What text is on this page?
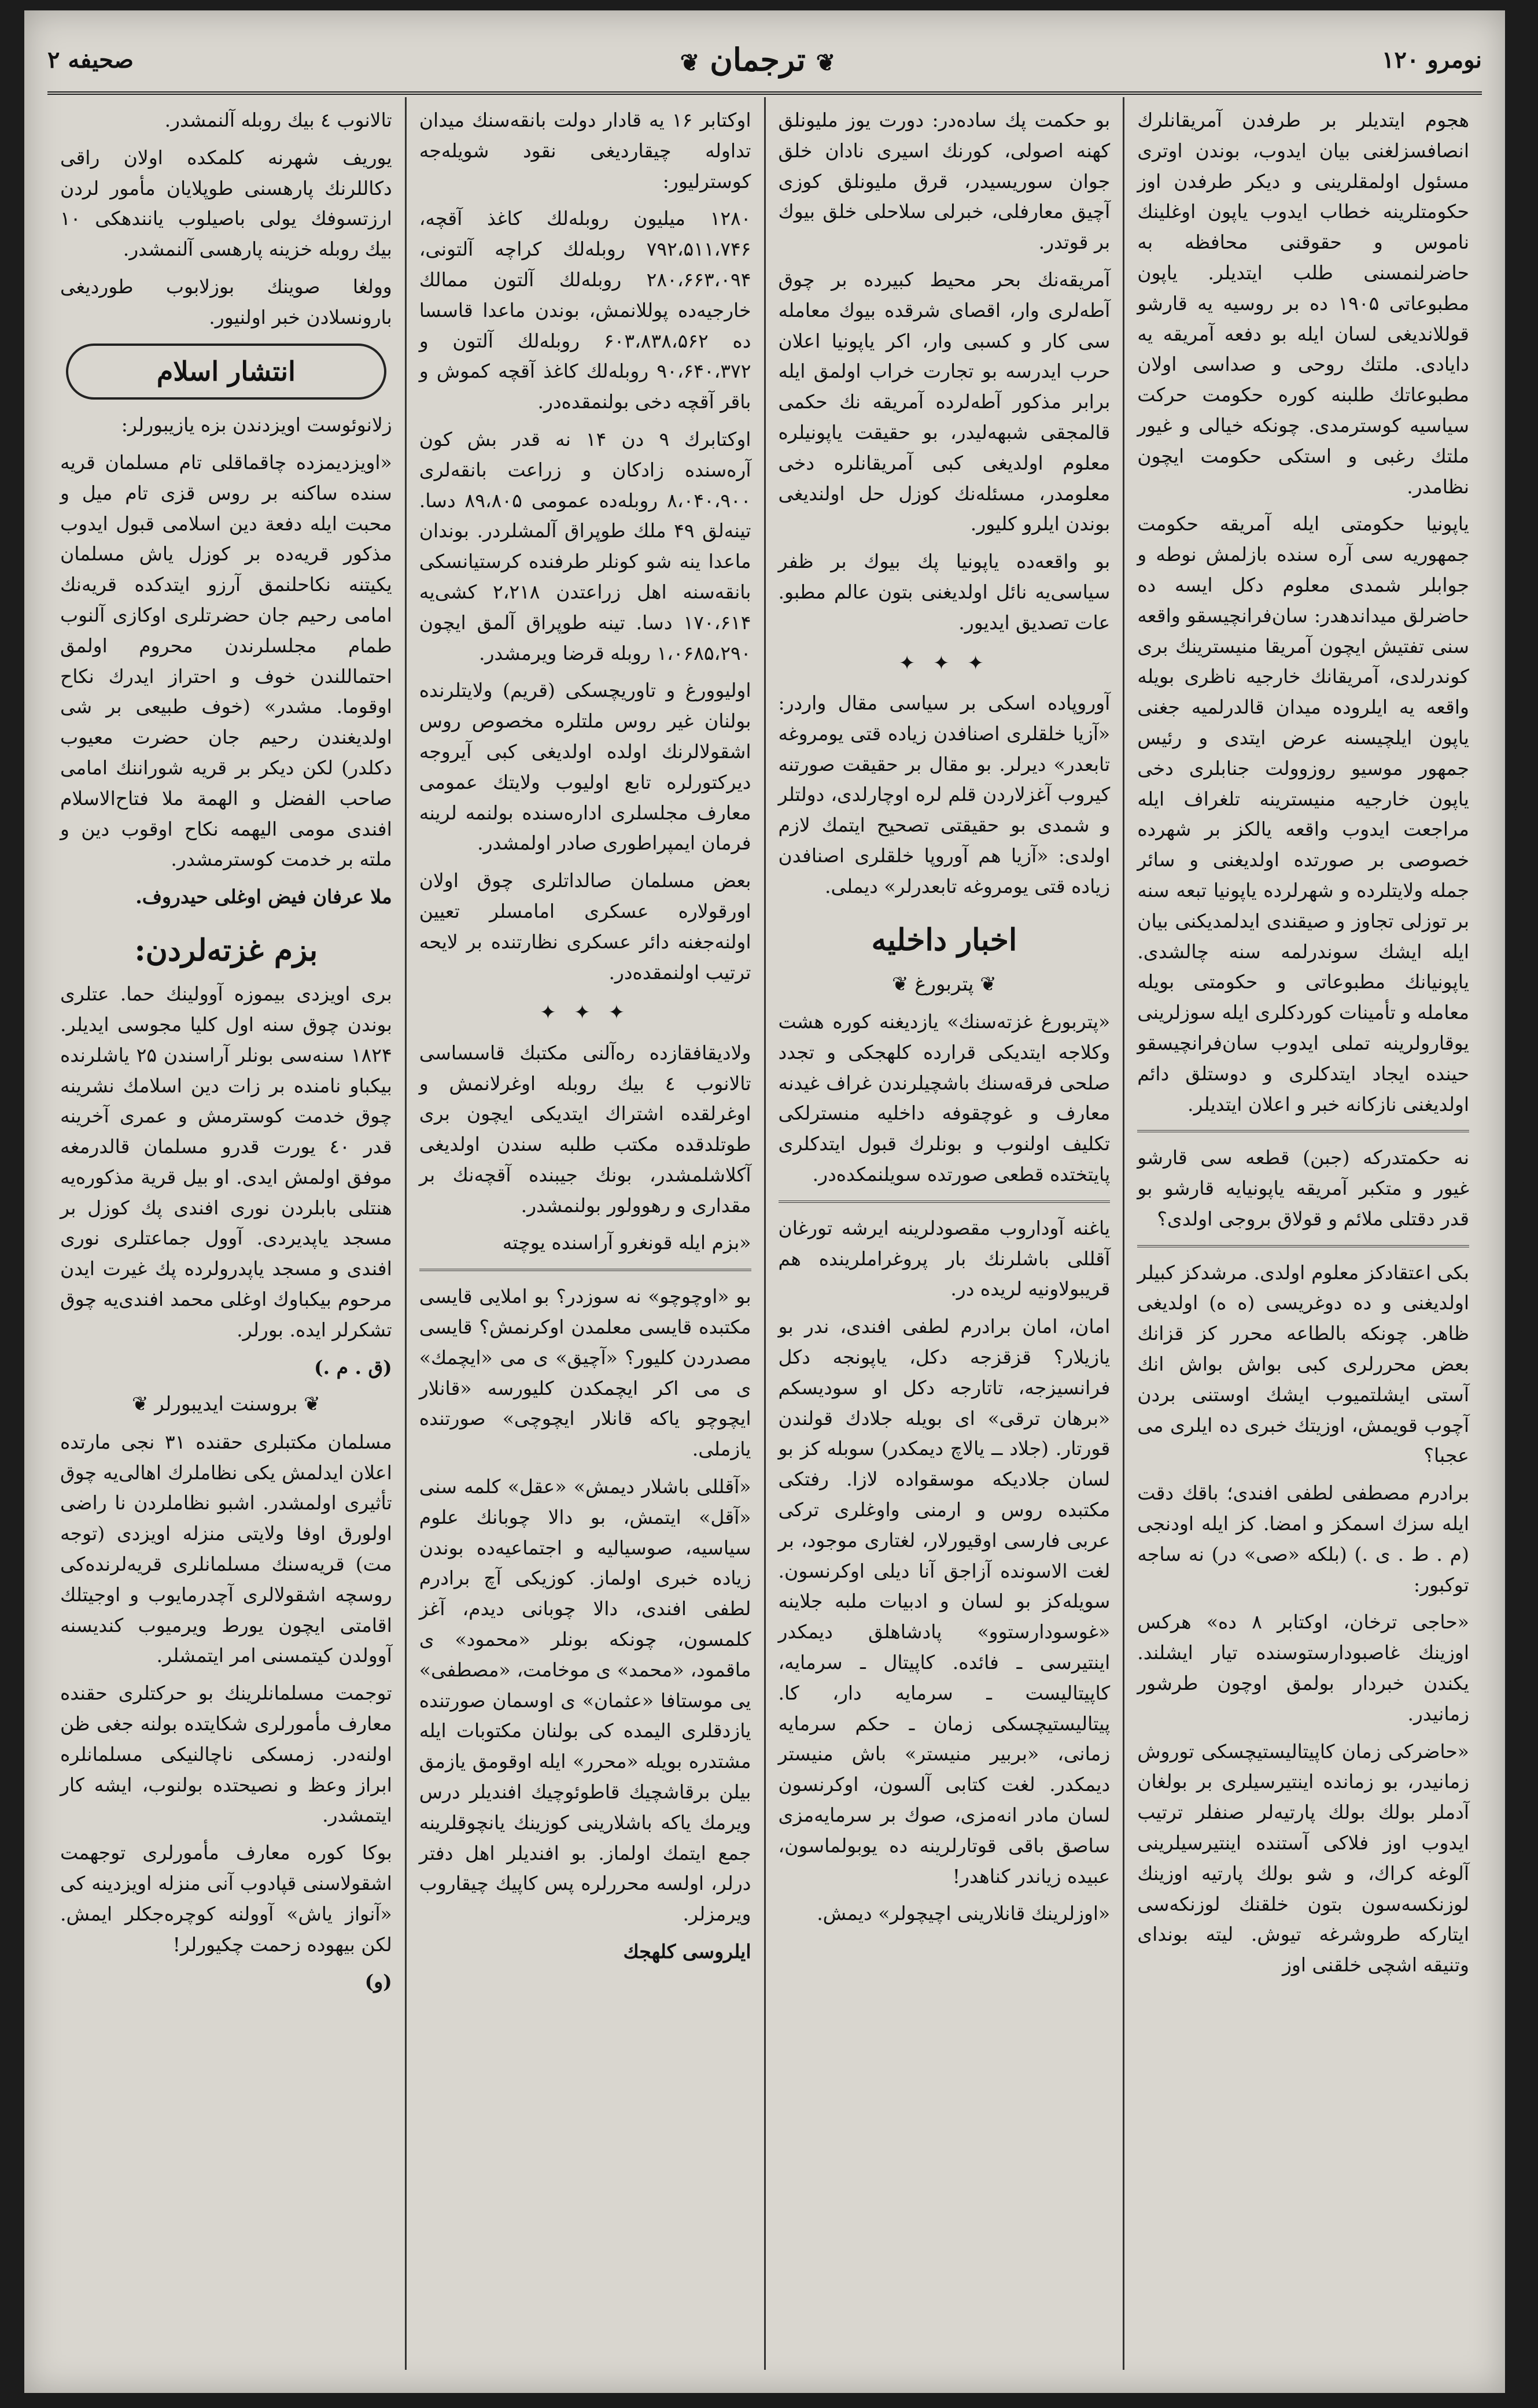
نومرو ۱۲۰
❦ ترجمان ❦
صحیفه ۲

هجوم ایتدیلر بر طرفدن آمریقانلرك انصافسزلغنی بیان ایدوب، بوندن اوتری مسئول اولمقلرینی و دیکر طرفدن اوز حکومتلرینه خطاب ایدوب یاپون اوغلینك ناموس و حقوقنی محافظه به حاضرلنمسنی طلب ایتدیلر. یاپون مطبوعاتی ۱۹۰۵ ده بر روسیه یه قارشو قوللاندیغی لسان ایله بو دفعه آمریقه یه دایادی. ملتك روحی و صداسی اولان مطبوعاتك طلبنه کوره حکومت حرکت سیاسیه کوسترمدی. چونکه خیالی و غیور ملتك رغبی و استکی حکومت ایچون نظامدر.

یاپونیا حکومتی ایله آمریقه حکومت جمهوریه سی آره سنده بازلمش نوطه و جوابلر شمدی معلوم دکل ایسه ده حاضرلق میداندهدر: سان‌فرانچیسقو واقعه سنی تفتیش ایچون آمریقا منیسترینك بری کوندرلدی، آمریقانك خارجیه ناظری بویله واقعه یه ایلروده میدان قالدرلمیه جغنی یاپون ایلچیسنه عرض ایتدی و رئیس جمهور موسیو روزوولت جنابلری دخی یاپون خارجیه منیسترینه تلغراف ایله مراجعت ایدوب واقعه یالکز بر شهرده خصوصی بر صورتده اولدیغنی و سائر جمله ولایتلرده و شهرلرده یاپونیا تبعه سنه بر توزلی تجاوز و صیقندی ایدلمدیکنی بیان ایله ایشك سوندرلمه سنه چالشدی. یاپونیانك مطبوعاتی و حکومتی بویله معامله و تأمینات کوردکلری ایله سوزلرینی یوقارولرینه تملی ایدوب سان‌فرانچیسقو حینده ایجاد ایتدکلری و دوستلق دائم اولدیغنی نازکانه خبر و اعلان ایتدیلر.

نه حکمتدرکه (جبن) قطعه سی قارشو غیور و متکبر آمریقه یاپونیایه قارشو بو قدر دقتلی ملائم و قولاق بروجی اولدی؟

بکی اعتقادکز معلوم اولدی. مرشدکز کبیلر اولدیغنی و ده دوغریسی (ه ه) اولدیغی ظاهر. چونکه بالطاعه محرر کز قزانك بعض محررلری کبی بواش بواش انك آستی ایشلتمیوب ایشك اوستنی بردن آچوب قویمش، اوزیتك خبری ده ایلری می عجبا؟

برادرم مصطفی لطفی افندی؛ باقك دقت ایله سزك اسمکز و امضا. کز ایله اودنجی (م . ط . ی .) (بلکه «صی» در) نه ساجه توکبور:

«حاجی ترخان، اوکتابر ۸ ده» هرکس اوزینك غاصبودارستوسنده تیار ایشلند. یکندن خبردار بولمق اوچون طرشور زمانیدر.

«حاضرکی زمان کاپیتالیستیچسکی توروش زمانیدر، بو زمانده اینتیرسیلری بر بولغان آدملر بولك بولك پارتیه‌لر صنفلر ترتیب ایدوب اوز فلاکی آستنده اینتیرسیلرینی آلوغه کراك، و شو بولك پارتیه اوزینك لوزنکسه‌سون بتون خلقنك لوزنکه‌سی ایتارکه طروشرغه تیوش. لیته بوندای وتنیقه اشچی خلقنی اوز

بو حکمت پك ساده‌در: دورت یوز ملیونلق کهنه اصولی، کورنك اسیری نادان خلق جوان سوریسیدر، قرق ملیونلق کوزی آچیق معارفلی، خبرلی سلاحلی خلق بیوك بر قوتدر.

آمریقه‌نك بحر محیط کبیرده بر چوق آطه‌لری وار، اقصای شرقده بیوك معامله سی کار و کسبی وار، اکر یاپونیا اعلان حرب ایدرسه بو تجارت خراب اولمق ایله برابر مذکور آطه‌لرده آمریقه نك حکمی قالمجقی شبهه‌لیدر، بو حقیقت یاپونیلره معلوم اولدیغی کبی آمریقانلره دخی معلومدر، مسئله‌نك کوزل حل اولندیغی بوندن ایلرو کلیور.

بو واقعه‌ده یاپونیا پك بیوك بر ظفر سیاسی‌یه نائل اولدیغنی بتون عالم مطبو. عات تصدیق ایدیور.

✦ ✦ ✦

آوروپاده اسکی بر سیاسی مقال واردر: «آزیا خلقلری اصنافدن زیاده قتی یومروغه تابعدر» دیرلر. بو مقال بر حقیقت صورتنه کیروب آغزلاردن قلم لره اوچارلدی، دولتلر و شمدی بو حقیقتی تصحیح ایتمك لازم اولدی: «آزیا هم آوروپا خلقلری اصنافدن زیاده قتی یومروغه تابعدرلر» دیملی.

اخبار داخلیه
❦ پتربورغ ❦

«پتربورغ غزته‌سنك» یازدیغنه کوره هشت وکلاجه ایتدیکی قرارده کلهجکی و تجدد صلحی فرقه‌سنك باشچیلرندن غراف غیدنه معارف و غوچقوفه داخلیه منسترلکی تکلیف اولنوب و بونلرك قبول ایتدکلری پایتختده قطعی صورتده سویلنمکده‌در.

یاغنه آوداروب مقصودلرینه ایرشه تورغان آقللی باشلرنك بار پروغراملرینده هم قریبولاونیه لریده در.

امان، امان برادرم لطفی افندی، ندر بو یازیلار؟ قزقزجه دکل، یاپونجه دکل فرانسیزجه، تاتارجه دکل او سودیسکم «برهان ترقی» ای بویله جلادك قولندن قورتار. (جلاد ــ یالاچ دیمکدر) سوبله کز بو لسان جلادیکه موسقواده لازا. رفتکی مکتبده روس و ارمنی واوغلری ترکی عربی فارسی اوقیورلار، لغتاری موجود، بر لغت الاسونده آزاجق آنا دیلی اوکرنسون. سویله‌کز بو لسان و ادبیات ملبه جلاینه «غوسودارستوو» پادشاهلق دیمکدر اینتیرسی ـ فائده. کاپیتال ـ سرمایه، کاپیتالیست ـ سرمایه دار، کا. پیتالیستیچسکی زمان ـ حکم سرمایه زمانی، «بربیر منیستر» باش منیستر دیمکدر. لغت کتابی آلسون، اوکرنسون لسان مادر انه‌مزی، صوك بر سرمایه‌مزی ساصق باقی قوتارلرینه ده یوبولماسون، عبیده زیاندر کناهدر!

«اوزلرینك قانلارینی اچیچولر» دیمش.

اوکتابر ۱۶ یه قادار دولت بانقه‌سنك میدان تداوله چیقاردیغی نقود شویله‌جه کوسترلیور:

۱۲۸۰ میلیون روبله‌لك کاغذ آقچه، ۷۹۲،۵۱۱،۷۴۶ روبله‌لك کراچه آلتونی، ۲۸۰،۶۶۳،۰۹۴ روبله‌لك آلتون ممالك خارجیه‌ده پوللانمش، بوندن ماعدا قاسسا ده ۶۰۳،۸۳۸،۵۶۲ روبله‌لك آلتون و ۹۰،۶۴۰،۳۷۲ روبله‌لك کاغذ آقچه کموش و باقر آقچه دخی بولنمقده‌در.

اوکتابرك ۹ دن ۱۴ نه قدر بش کون آره‌سنده زادکان و زراعت بانقه‌لری ۸،۰۴۰،۹۰۰ روبله‌ده عمومی ۸۹،۸۰۵ دسا. تینه‌لق ۴۹ ملك طوپراق آلمشلردر. بوندان ماعدا ینه شو کونلر طرفنده کرستیانسکی بانقه‌سنه اهل زراعتدن ۲،۲۱۸ کشی‌یه ۱۷۰،۶۱۴ دسا. تینه طوپراق آلمق ایچون ۱،۰۶۸۵،۲۹۰ روبله قرضا ویرمشدر.

اولیوورغ و تاوریچسکی (قریم) ولایتلرنده بولنان غیر روس ملتلره مخصوص روس اشقولالرنك اولده اولدیغی کبی آیروجه دیرکتورلره تابع اولیوب ولایتك عمومی معارف مجلسلری اداره‌سنده بولنمه لرینه فرمان ایمپراطوری صادر اولمشدر.

بعض مسلمان صالداتلری چوق اولان اورقولاره عسکری امامسلر تعیین اولنه‌جغنه دائر عسکری نظارتنده بر لایحه ترتیب اولنمقده‌در.

✦ ✦ ✦

ولادیقافقازده ره‌آلنی مکتبك قاسساسی تالانوب ٤ بیك روبله اوغرلانمش و اوغرلقده اشتراك ایتدیکی ایچون بری طوتلدقده مکتب طلبه سندن اولدیغی آکلاشلمشدر، بونك جیبنده آقچه‌نك بر مقداری و رهوولور بولنمشدر.

«بزم ایله قونغرو آراسنده یوچته

بو «اوچوچو» نه سوزدر؟ بو املایی قایسی مکتبده قایسی معلمدن اوکرنمش؟ قایسی مصدردن کلیور؟ «آچیق» ی می «ایچمك» ی می اکر ایچمکدن کلیورسه «قانلار ایچوچو یاکه قانلار ایچوچی» صورتنده یازملی.

«آقللی باشلار دیمش» «عقل» کلمه سنی «آقل» ایتمش، بو دالا چوبانك علوم سیاسیه، صوسیالیه و اجتماعیه‌ده بوندن زیاده خبری اولماز. کوزیکی آچ برادرم لطفی افندی، دالا چوبانی دیدم، آغز کلمسون، چونکه بونلر «محمود» ی ماقمود، «محمد» ی موخامت، «مصطفی» یی موستافا «عثمان» ی اوسمان صورتنده یازدقلری الیمده کی بولنان مکتوبات ایله مشتدره بویله «محرر» ایله اوقومق یازمق بیلن برقاشچیك قاطوئوچیك افندیلر درس ویرمك یاکه باشلارینی کوزینك یانچوقلرینه جمع ایتمك اولماز. بو افندیلر اهل دفتر درلر، اولسه محررلره پس کاپیك چیقاروب ویرمزلر.

ایلروسی کلهجك

تالانوب ٤ بیك روبله آلنمشدر.

یوریف شهرنه کلمکده اولان راقی دکاللرنك پارهسنی طوپلایان مأمور لردن ارزتسوفك یولی باصیلوب یانندهکی ۱۰ بیك روبله خزینه پارهسی آلنمشدر.

وولغا صوینك بوزلابوب طوردیغی بارونسلادن خبر اولنیور.

انتشار اسلام

زلانوئوست اویزدندن بزه یازیبورلر:

«اویزدیمزده چاقماقلی تام مسلمان قریه سنده ساکنه بر روس قزی تام میل و محبت ایله دفعة دین اسلامی قبول ایدوب مذکور قریه‌ده بر کوزل یاش مسلمان یکیتنه نکاحلنمق آرزو ایتدکده قریه‌نك امامی رحیم جان حضرتلری اوکازی آلنوب طمام مجلسلرندن محروم اولمق احتماللندن خوف و احتراز ایدرك نکاح اوقوما. مشدر» (خوف طبیعی بر شی اولدیغندن رحیم جان حضرت معیوب دکلدر) لکن دیکر بر قریه شوراننك امامی صاحب الفضل و الهمة ملا فتاح‌الاسلام افندی مومی الیهمه نکاح اوقوب دین و ملته بر خدمت کوسترمشدر.

ملا عرفان فیض اوغلی حیدروف.
بزم غزته‌لردن:

بری اویزدی بیموزه آوولینك حما. عتلری بوندن چوق سنه اول کلیا مجوسی ایدیلر. ۱۸۲۴ سنه‌سی بونلر آراسندن ۲۵ یاشلرنده بیکباو نامنده بر زات دین اسلامك نشرینه چوق خدمت کوسترمش و عمری آخرینه قدر ٤۰ یورت قدرو مسلمان قالدرمغه موفق اولمش ایدی. او بیل قریة مذکوره‌یه هنتلی بابلردن نوری افندی پك کوزل بر مسجد یاپدیردی. آوول جماعتلری نوری افندی و مسجد یاپدرولرده پك غیرت ایدن مرحوم بیکباوك اوغلی محمد افندی‌یه چوق تشکرلر ایده. بورلر.

(ق . م .)
❦ بروسنت ایدیبورلر ❦

مسلمان مکتبلری حقنده ۳۱ نجی مارتده اعلان ایدلمش یکی نظاملرك اهالی‌یه چوق تأثیری اولمشدر. اشبو نظاملردن نا راضی اولورق اوفا ولایتی منزله اویزدی (توجه مت) قریه‌سنك مسلمانلری قریه‌لرنده‌کی روسچه اشقولالری آچدرمایوب و اوجیتلك اقامتی ایچون یورط ویرمیوب کندیسنه آوولدن کیتمسنی امر ایتمشلر.

توجمت مسلمانلرینك بو حرکتلری حقنده معارف مأمورلری شکایتده بولنه جغی ظن اولنه‌در. زمسکی ناچالنیکی مسلمانلره ابراز وعظ و نصیحتده بولنوب، ایشه کار ایتمشدر.

بوکا کوره معارف مأمورلری توجهمت اشقولاسنی قپادوب آنی منزله اویزدینه کی «آنواز یاش» آوولنه کوچره‌جکلر ایمش. لکن بیهوده زحمت چکیورلر!

(و)
